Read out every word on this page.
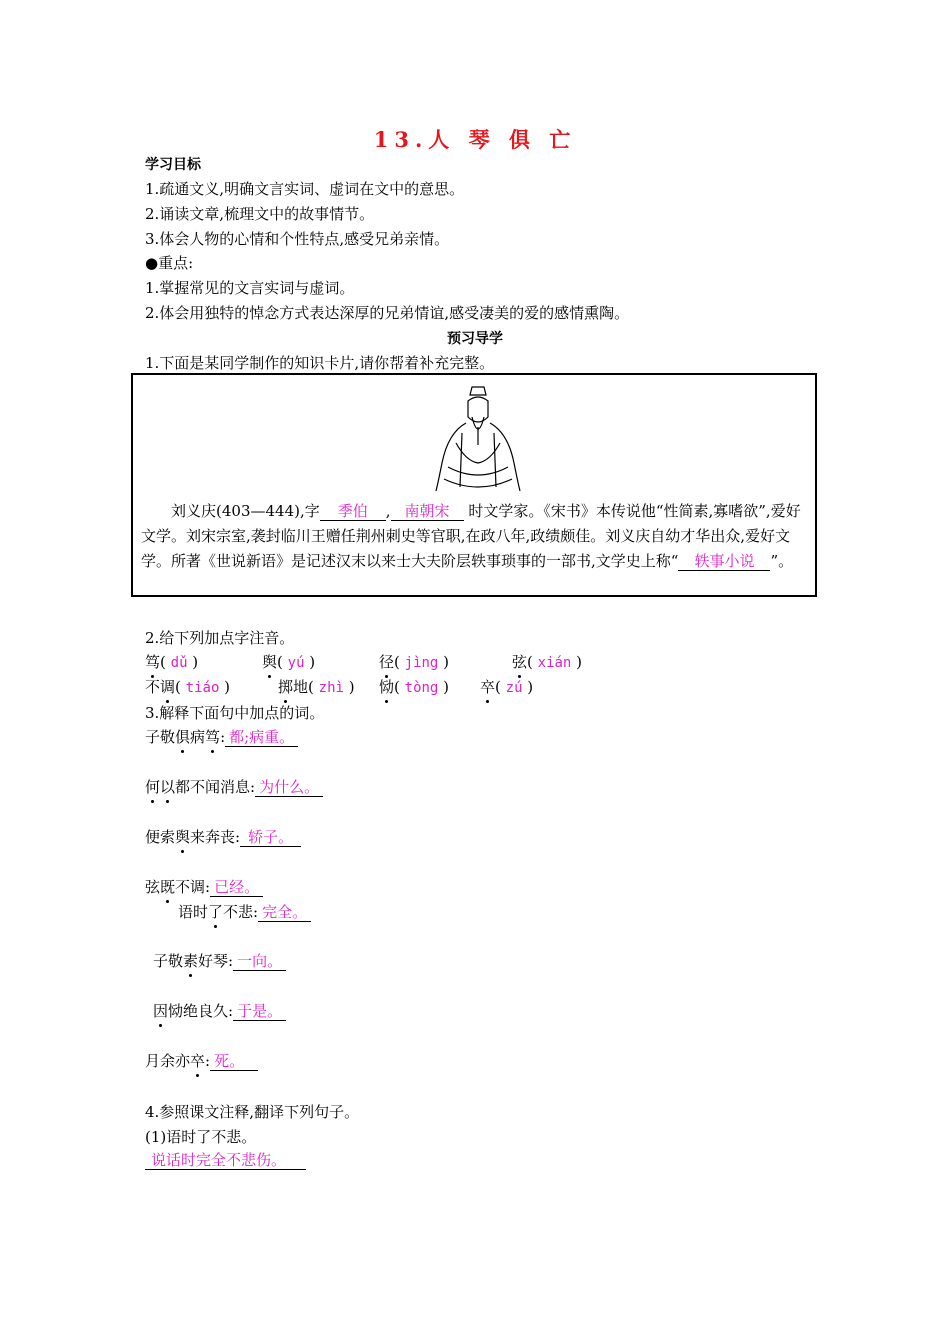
13.人 琴 俱 亡
学习目标
1.疏通文义,明确文言实词、虚词在文中的意思。
2.诵读文章,梳理文中的故事情节。
3.体会人物的心情和个性特点,感受兄弟亲情。
●重点:
1.掌握常见的文言实词与虚词。
2.体会用独特的悼念方式表达深厚的兄弟情谊,感受凄美的爱的感情熏陶。
预习导学
1.下面是某同学制作的知识卡片,请你帮着补充完整。
刘义庆(403—444),字 季伯 , 南朝宋 时文学家。《宋书》本传说他“性简素,寡嗜欲”,爱好文学。刘宋宗室,袭封临川王赠任荆州刺史等官职,在政八年,政绩颇佳。刘义庆自幼才华出众,爱好文学。所著《世说新语》是记述汉末以来士大夫阶层轶事琐事的一部书,文学史上称“ 轶事小说 ”。
2.给下列加点字注音。
笃( dǔ )	舆( yú )	径( jìng )	弦( xián )
不调( tiáo )	掷地( zhì ) 恸( tòng ) 卒( zú )
3.解释下面句中加点的词。
子敬俱病笃: 都;病重。
何以都不闻消息: 为什么。
便索舆来奔丧: 轿子。
弦既不调: 已经。
语时了不悲: 完全。
子敬素好琴: 一向。
因恸绝良久: 于是。
月余亦卒: 死。
4.参照课文注释,翻译下列句子。
(1)语时了不悲。
说话时完全不悲伤。
